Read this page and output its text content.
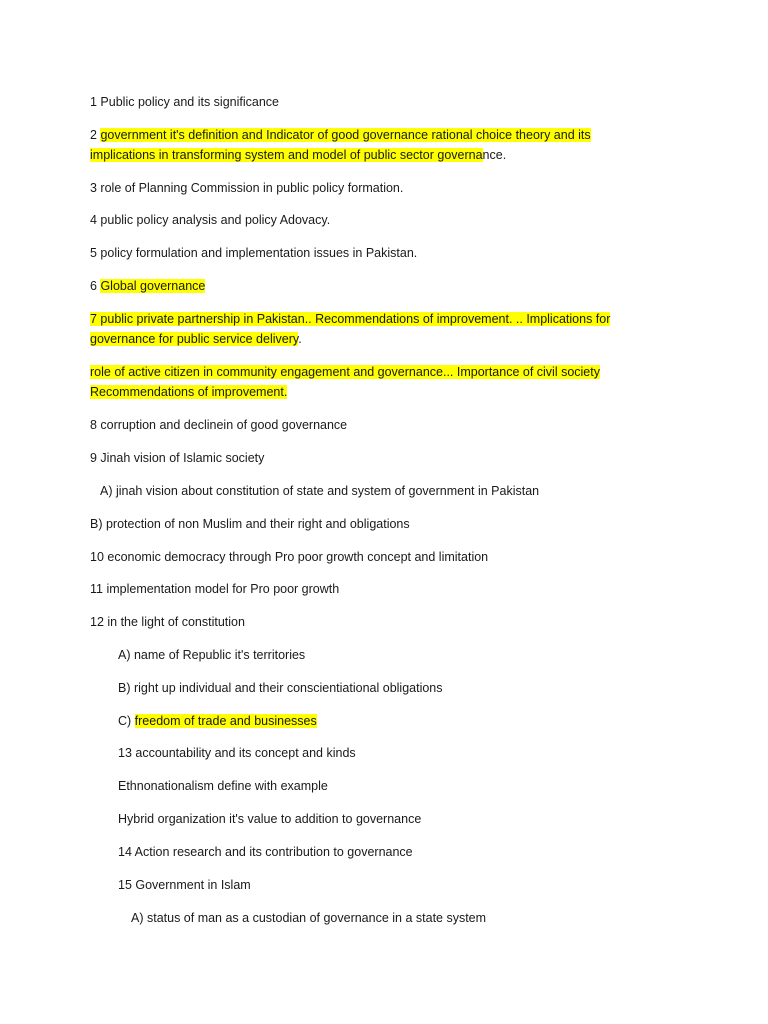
1 Public policy and its significance
2 government it's definition and Indicator of good governance rational choice theory and its
implications in transforming system and model of public sector governance.
3 role of Planning Commission in public policy formation.
4 public policy analysis and policy Adovacy.
5 policy formulation and implementation issues in Pakistan.
6 Global governance
7 public private partnership in Pakistan.. Recommendations of improvement. .. Implications for
governance for public service delivery.
role of active citizen in community engagement and governance... Importance of civil society
Recommendations of improvement.
8 corruption and declinein of good governance
9 Jinah vision of Islamic society
A) jinah vision about constitution of state and system of government in Pakistan
B) protection of non Muslim and their right and obligations
10 economic democracy through Pro poor growth concept and limitation
11 implementation model for Pro poor growth
12 in the light of constitution
A) name of Republic it's territories
B) right up individual and their conscientiational obligations
C) freedom of trade and businesses
13 accountability and its concept and kinds
Ethnonationalism define with example
Hybrid organization it's value to addition to governance
14 Action research and its contribution to governance
15 Government in Islam
A) status of man as a custodian of governance in a state system
